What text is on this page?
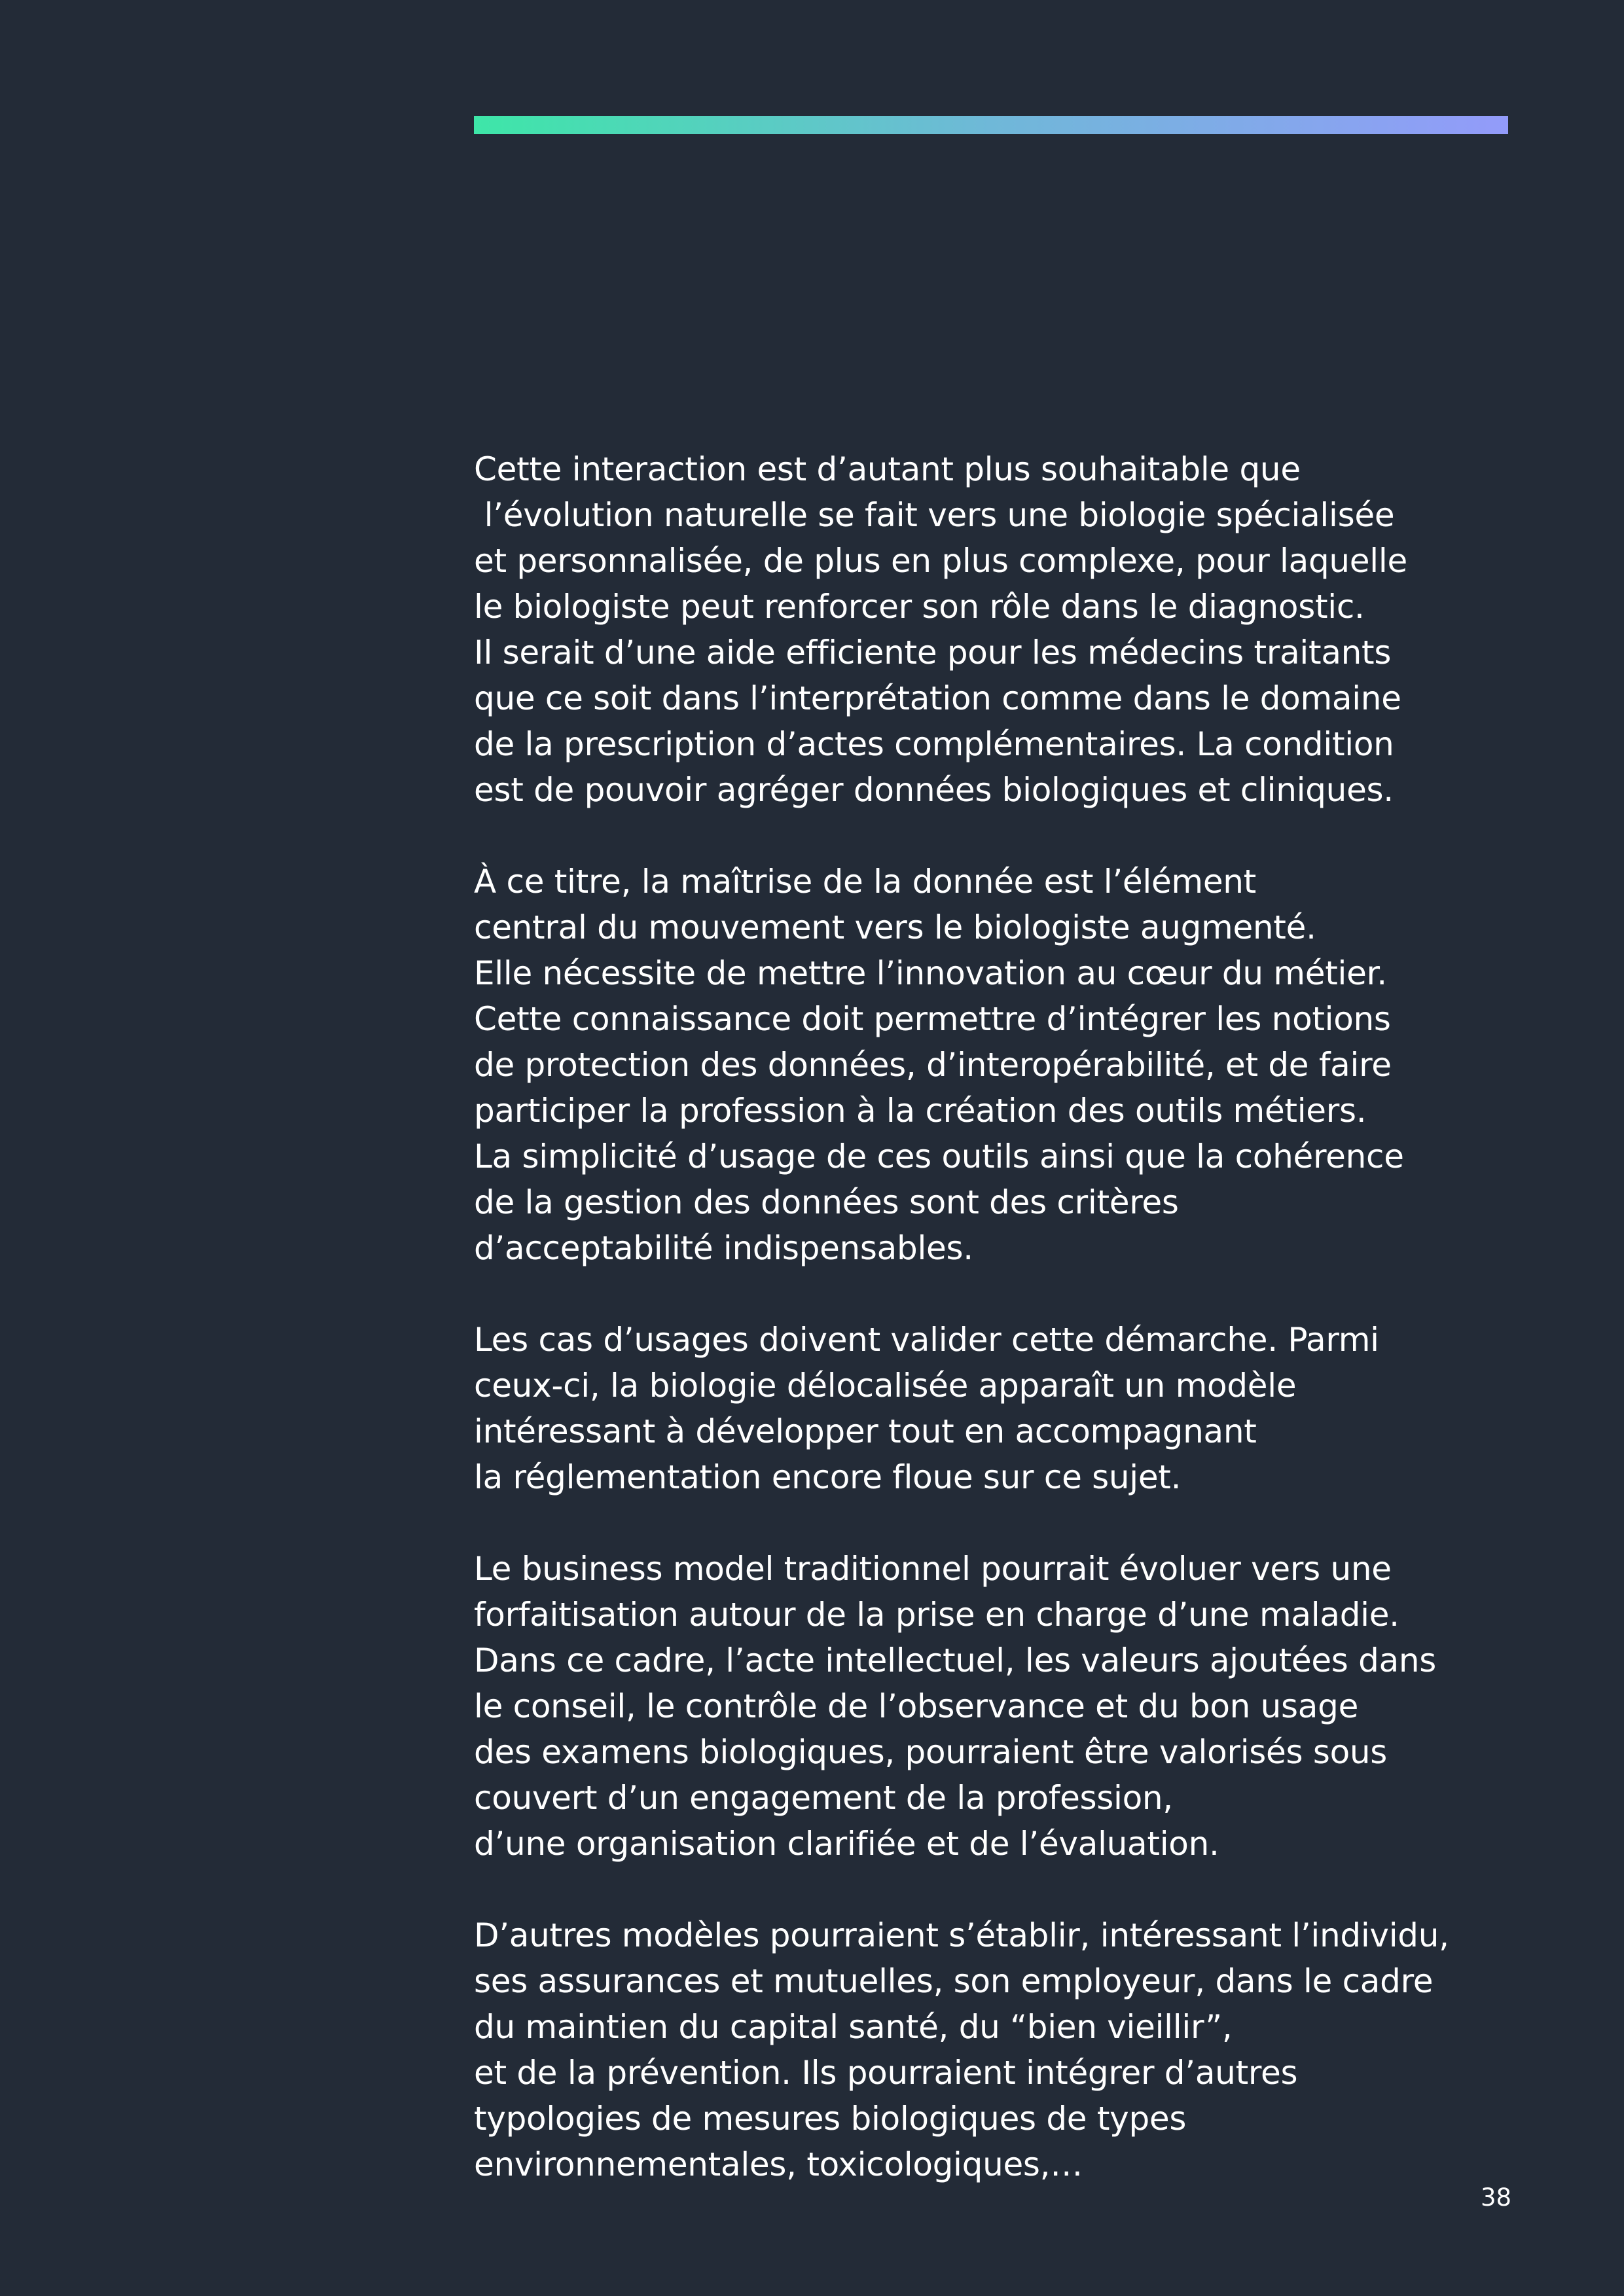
Cette interaction est d’autant plus souhaitable que
l’évolution naturelle se fait vers une biologie spécialisée
et personnalisée, de plus en plus complexe, pour laquelle
le biologiste peut renforcer son rôle dans le diagnostic.
Il serait d’une aide efficiente pour les médecins traitants
que ce soit dans l’interprétation comme dans le domaine
de la prescription d’actes complémentaires. La condition
est de pouvoir agréger données biologiques et cliniques.

À ce titre, la maîtrise de la donnée est l’élément
central du mouvement vers le biologiste augmenté.
Elle nécessite de mettre l’innovation au cœur du métier.
Cette connaissance doit permettre d’intégrer les notions
de protection des données, d’interopérabilité, et de faire
participer la profession à la création des outils métiers.
La simplicité d’usage de ces outils ainsi que la cohérence
de la gestion des données sont des critères
d’acceptabilité indispensables.

Les cas d’usages doivent valider cette démarche. Parmi
ceux-ci, la biologie délocalisée apparaît un modèle
intéressant à développer tout en accompagnant
la réglementation encore floue sur ce sujet.

Le business model traditionnel pourrait évoluer vers une
forfaitisation autour de la prise en charge d’une maladie.
Dans ce cadre, l’acte intellectuel, les valeurs ajoutées dans
le conseil, le contrôle de l’observance et du bon usage
des examens biologiques, pourraient être valorisés sous
couvert d’un engagement de la profession,
d’une organisation clarifiée et de l’évaluation.

D’autres modèles pourraient s’établir, intéressant l’individu,
ses assurances et mutuelles, son employeur, dans le cadre
du maintien du capital santé, du “bien vieillir”,
et de la prévention. Ils pourraient intégrer d’autres
typologies de mesures biologiques de types
environnementales, toxicologiques,…

38
